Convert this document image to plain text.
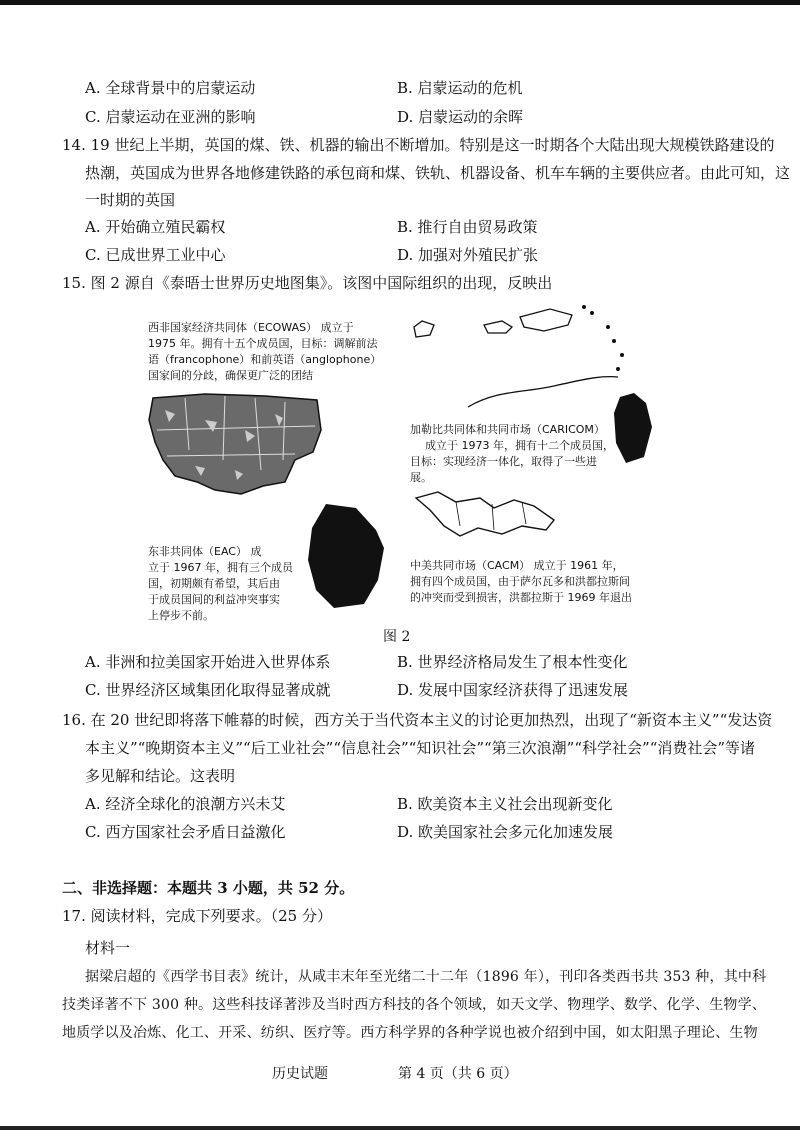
A. 全球背景中的启蒙运动	B. 启蒙运动的危机
C. 启蒙运动在亚洲的影响	D. 启蒙运动的余晖
14. 19 世纪上半期，英国的煤、铁、机器的输出不断增加。特别是这一时期各个大陆出现大规模铁路建设的
热潮，英国成为世界各地修建铁路的承包商和煤、铁轨、机器设备、机车车辆的主要供应者。由此可知，这
一时期的英国
A. 开始确立殖民霸权	B. 推行自由贸易政策
C. 已成世界工业中心	D. 加强对外殖民扩张
15. 图 2 源自《泰晤士世界历史地图集》。该图中国际组织的出现，反映出
西非国家经济共同体（ECOWAS） 成立于
1975 年。拥有十五个成员国，目标：调解前法
语（francophone）和前英语（anglophone）
国家间的分歧，确保更广泛的团结
加勒比共同体和共同市场（CARICOM）
成立于 1973 年，拥有十二个成员国，
目标：实现经济一体化，取得了一些进
展。
中美共同市场（CACM） 成立于 1961 年，
拥有四个成员国，由于萨尔瓦多和洪都拉斯间
的冲突而受到损害，洪都拉斯于 1969 年退出
东非共同体（EAC） 成
立于 1967 年，拥有三个成员
国，初期颇有希望，其后由
于成员国间的利益冲突事实
上停步不前。
图 2
A. 非洲和拉美国家开始进入世界体系	B. 世界经济格局发生了根本性变化
C. 世界经济区域集团化取得显著成就	D. 发展中国家经济获得了迅速发展
16. 在 20 世纪即将落下帷幕的时候，西方关于当代资本主义的讨论更加热烈，出现了“新资本主义”“发达资
本主义”“晚期资本主义”“后工业社会”“信息社会”“知识社会”“第三次浪潮”“科学社会”“消费社会”等诸
多见解和结论。这表明
A. 经济全球化的浪潮方兴未艾	B. 欧美资本主义社会出现新变化
C. 西方国家社会矛盾日益激化	D. 欧美国家社会多元化加速发展
二、非选择题：本题共 3 小题，共 52 分。
17. 阅读材料，完成下列要求。（25 分）
材料一
据梁启超的《西学书目表》统计，从咸丰末年至光绪二十二年（1896 年），刊印各类西书共 353 种，其中科
技类译著不下 300 种。这些科技译著涉及当时西方科技的各个领域，如天文学、物理学、数学、化学、生物学、
地质学以及冶炼、化工、开采、纺织、医疗等。西方科学界的各种学说也被介绍到中国，如太阳黑子理论、生物
历史试题	第 4 页（共 6 页）
